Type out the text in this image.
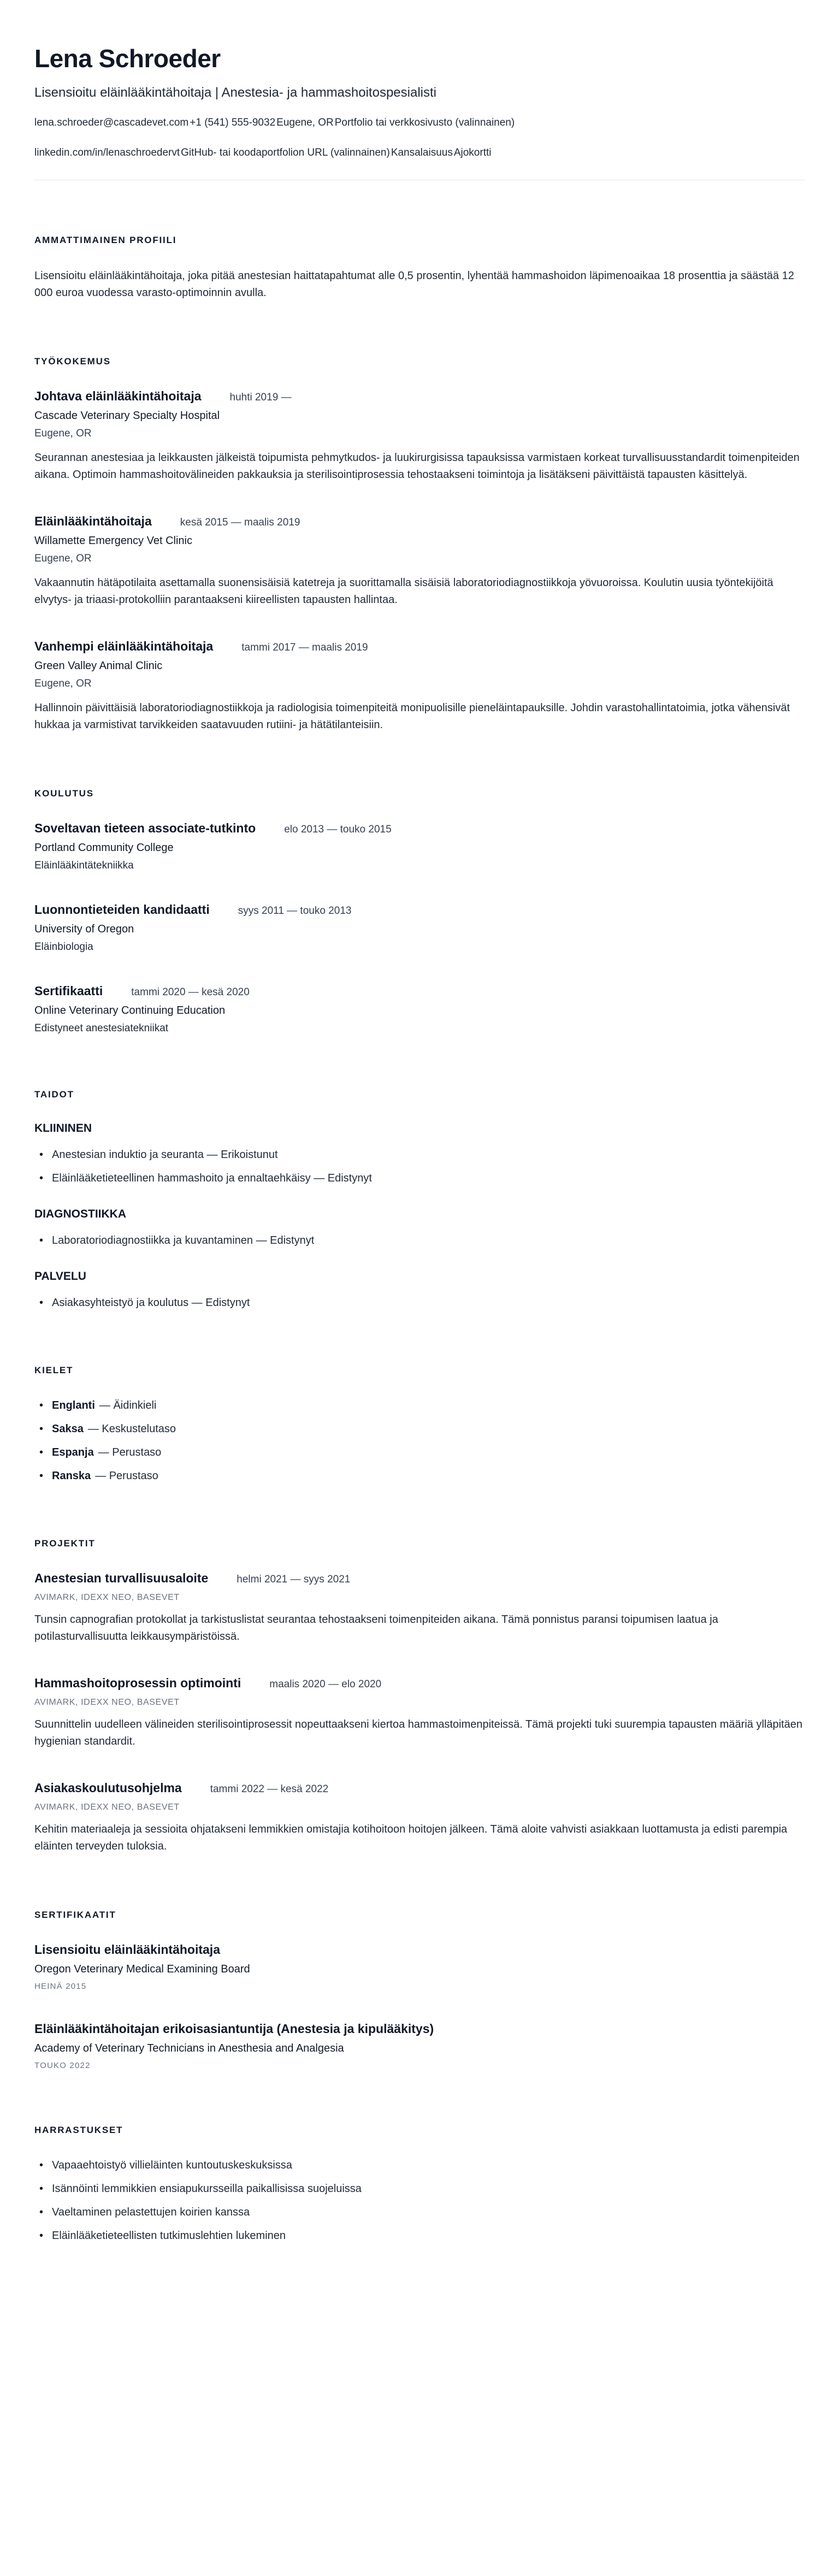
Lena Schroeder
Lisensioitu eläinlääkintähoitaja | Anestesia- ja hammashoitospesialisti
lena.schroeder@cascadevet.com +1 (541) 555-9032 Eugene, OR Portfolio tai verkkosivusto (valinnainen)
linkedin.com/in/lenaschroedervt GitHub- tai koodaportfolion URL (valinnainen) Kansalaisuus Ajokortti
AMMATTIMAINEN PROFIILI

Lisensioitu eläinlääkintähoitaja, joka pitää anestesian haittatapahtumat alle 0,5 prosentin, lyhentää hammashoidon läpimenoaikaa 18 prosenttia ja säästää 12 000 euroa vuodessa varasto-optimoinnin avulla.

TYÖKOKEMUS
Johtava eläinlääkintähoitaja	huhti 2019 —
Cascade Veterinary Specialty Hospital
Eugene, OR

Seurannan anestesiaa ja leikkausten jälkeistä toipumista pehmytkudos- ja luukirurgisissa tapauksissa varmistaen korkeat turvallisuusstandardit toimenpiteiden aikana. Optimoin hammashoitovälineiden pakkauksia ja sterilisointiprosessia tehostaakseni toimintoja ja lisätäkseni päivittäistä tapausten käsittelyä.

Eläinlääkintähoitaja	kesä 2015 — maalis 2019
Willamette Emergency Vet Clinic
Eugene, OR

Vakaannutin hätäpotilaita asettamalla suonensisäisiä katetreja ja suorittamalla sisäisiä laboratoriodiagnostiikkoja yövuoroissa. Koulutin uusia työntekijöitä elvytys- ja triaasi-protokolliin parantaakseni kiireellisten tapausten hallintaa.

Vanhempi eläinlääkintähoitaja	tammi 2017 — maalis 2019
Green Valley Animal Clinic
Eugene, OR

Hallinnoin päivittäisiä laboratoriodiagnostiikkoja ja radiologisia toimenpiteitä monipuolisille pieneläintapauksille. Johdin varastohallintatoimia, jotka vähensivät hukkaa ja varmistivat tarvikkeiden saatavuuden rutiini- ja hätätilanteisiin.

KOULUTUS
Soveltavan tieteen associate-tutkinto	elo 2013 — touko 2015
Portland Community College
Eläinlääkintätekniikka
Luonnontieteiden kandidaatti	syys 2011 — touko 2013
University of Oregon
Eläinbiologia
Sertifikaatti	tammi 2020 — kesä 2020
Online Veterinary Continuing Education
Edistyneet anestesiatekniikat
TAIDOT
KLIININEN
• Anestesian induktio ja seuranta — Erikoistunut
• Eläinlääketieteellinen hammashoito ja ennaltaehkäisy — Edistynyt
DIAGNOSTIIKKA
• Laboratoriodiagnostiikka ja kuvantaminen — Edistynyt
PALVELU
• Asiakasyhteistyö ja koulutus — Edistynyt
KIELET
• Englanti — Äidinkieli
• Saksa — Keskustelutaso
• Espanja — Perustaso
• Ranska — Perustaso
PROJEKTIT
Anestesian turvallisuusaloite	helmi 2021 — syys 2021
AVIMARK, IDEXX NEO, BASEVET

Tunsin capnografian protokollat ja tarkistuslistat seurantaa tehostaakseni toimenpiteiden aikana. Tämä ponnistus paransi toipumisen laatua ja potilasturvallisuutta leikkausympäristöissä.

Hammashoitoprosessin optimointi	maalis 2020 — elo 2020
AVIMARK, IDEXX NEO, BASEVET

Suunnittelin uudelleen välineiden sterilisointiprosessit nopeuttaakseni kiertoa hammastoimenpiteissä. Tämä projekti tuki suurempia tapausten määriä ylläpitäen hygienian standardit.

Asiakaskoulutusohjelma	tammi 2022 — kesä 2022
AVIMARK, IDEXX NEO, BASEVET

Kehitin materiaaleja ja sessioita ohjatakseni lemmikkien omistajia kotihoitoon hoitojen jälkeen. Tämä aloite vahvisti asiakkaan luottamusta ja edisti parempia eläinten terveyden tuloksia.

SERTIFIKAATIT
Lisensioitu eläinlääkintähoitaja
Oregon Veterinary Medical Examining Board
HEINÄ 2015
Eläinlääkintähoitajan erikoisasiantuntija (Anestesia ja kipulääkitys)
Academy of Veterinary Technicians in Anesthesia and Analgesia
TOUKO 2022
HARRASTUKSET
• Vapaaehtoistyö villieläinten kuntoutuskeskuksissa
• Isännöinti lemmikkien ensiapukursseilla paikallisissa suojeluissa
• Vaeltaminen pelastettujen koirien kanssa
• Eläinlääketieteellisten tutkimuslehtien lukeminen
